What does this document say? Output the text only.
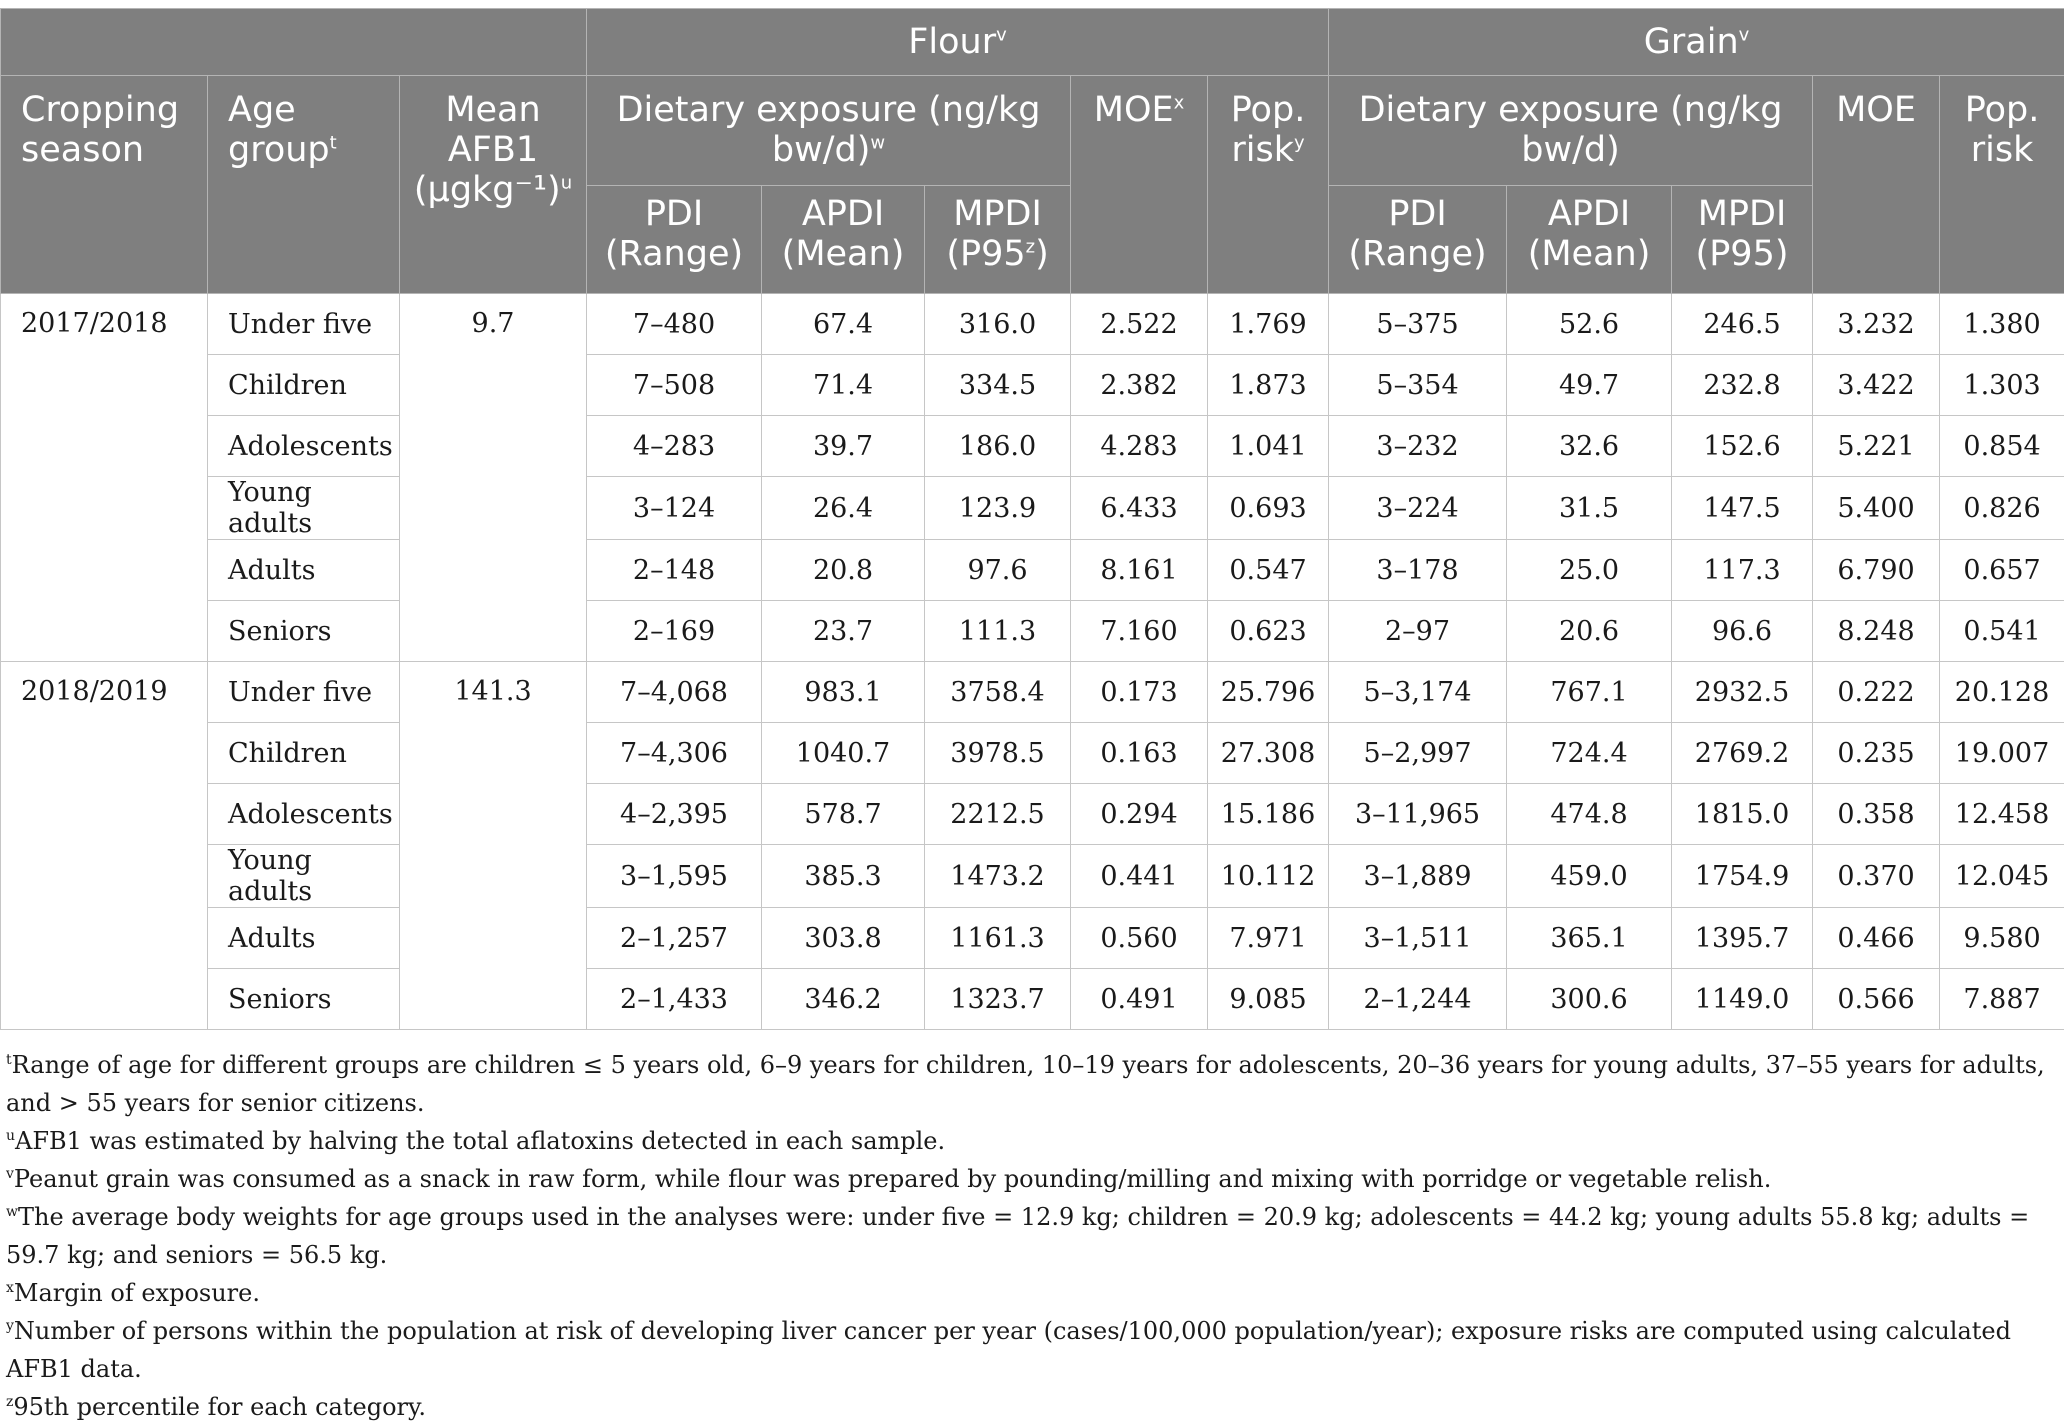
			Flour$^v$					Grain$^v$
Cropping season	Age group$^t$	Mean AFB1 $(\mu gkg^{-1})^u$	Dietary exposure (ng/kg bw/d)$^w$			MOE$^x$	Pop. risk$^y$	Dietary exposure (ng/kg bw/d)			MOE	Pop. risk
			PDI (Range)	APDI (Mean)	MPDI (P95$^z$)			PDI (Range)	APDI (Mean)	MPDI (P95)		
2017/2018	Under five	9.7	7–480	67.4	316.0	2.522	1.769	5–375	52.6	246.5	3.232	1.380
	Children		7–508	71.4	334.5	2.382	1.873	5–354	49.7	232.8	3.422	1.303
	Adolescents		4–283	39.7	186.0	4.283	1.041	3–232	32.6	152.6	5.221	0.854
	Young adults		3–124	26.4	123.9	6.433	0.693	3–224	31.5	147.5	5.400	0.826
	Adults		2–148	20.8	97.6	8.161	0.547	3–178	25.0	117.3	6.790	0.657
	Seniors		2–169	23.7	111.3	7.160	0.623	2–97	20.6	96.6	8.248	0.541
2018/2019	Under five	141.3	7–4,068	983.1	3758.4	0.173	25.796	5–3,174	767.1	2932.5	0.222	20.128
	Children		7–4,306	1040.7	3978.5	0.163	27.308	5–2,997	724.4	2769.2	0.235	19.007
	Adolescents		4–2,395	578.7	2212.5	0.294	15.186	3–11,965	474.8	1815.0	0.358	12.458
	Young adults		3–1,595	385.3	1473.2	0.441	10.112	3–1,889	459.0	1754.9	0.370	12.045
	Adults		2–1,257	303.8	1161.3	0.560	7.971	3–1,511	365.1	1395.7	0.466	9.580
	Seniors		2–1,433	346.2	1323.7	0.491	9.085	2–1,244	300.6	1149.0	0.566	7.887

$^t$Range of age for different groups are children ≤ 5 years old, 6–9 years for children, 10–19 years for adolescents, 20–36 years for young adults, 37–55 years for adults, and > 55 years for senior citizens.

$^u$AFB1 was estimated by halving the total aflatoxins detected in each sample.

$^v$Peanut grain was consumed as a snack in raw form, while flour was prepared by pounding/milling and mixing with porridge or vegetable relish.

$^w$The average body weights for age groups used in the analyses were: under five = 12.9 kg; children = 20.9 kg; adolescents = 44.2 kg; young adults 55.8 kg; adults = 59.7 kg; and seniors = 56.5 kg.

$^x$Margin of exposure.

$^y$Number of persons within the population at risk of developing liver cancer per year (cases/100,000 population/year); exposure risks are computed using calculated AFB1 data.

$^z$95th percentile for each category.
